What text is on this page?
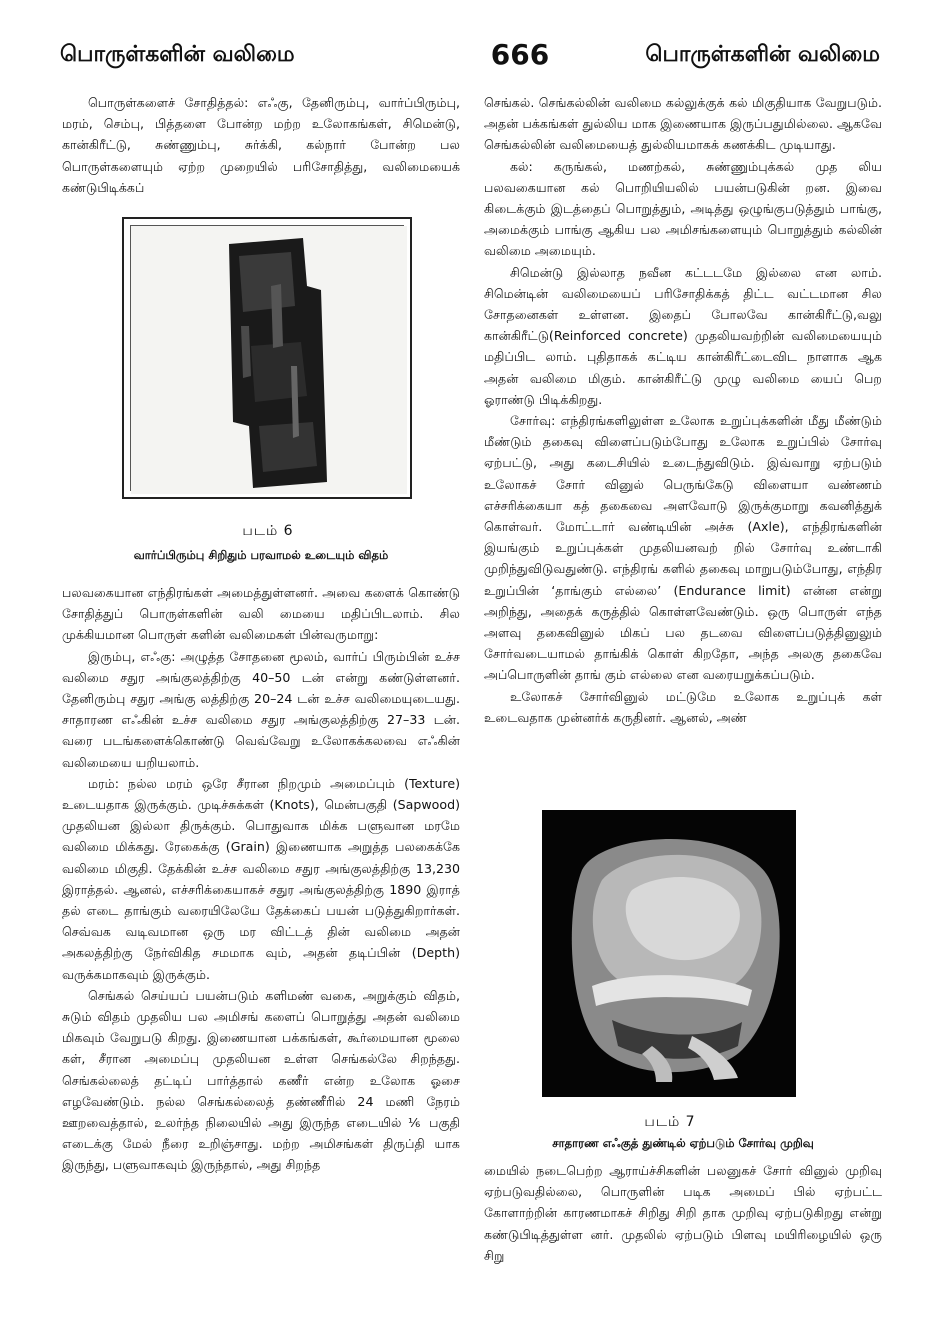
பொருள்களின் வலிமை	666	பொருள்களின் வலிமை

பொருள்களைச் சோதித்தல்: எஃகு, தேனிரும்பு, வார்ப்பிரும்பு, மரம், செம்பு, பித்தளை போன்ற மற்ற உலோகங்கள், சிமென்டு, கான்கிரீட்டு, சுண்ணும்பு, சுர்க்கி, கல்நார் போன்ற பல பொருள்களையும் ஏற்ற முறையில் பரிசோதித்து, வலிமையைக் கண்டுபிடிக்கப்

படம் 6
வார்ப்பிரும்பு சிறிதும் பரவாமல் உடையும் விதம்

பலவகையான எந்திரங்கள் அமைத்துள்ளனர். அவை களைக் கொண்டு சோதித்துப் பொருள்களின் வலி மையை மதிப்பிடலாம். சில முக்கியமான பொருள் களின் வலிமைகள் பின்வருமாறு:

இரும்பு, எஃகு: அழுத்த சோதனை மூலம், வார்ப் பிரும்பின் உச்ச வலிமை சதுர அங்குலத்திற்கு 40–50 டன் என்று கண்டுள்ளனர். தேனிரும்பு சதுர அங்கு லத்திற்கு 20–24 டன் உச்ச வலிமையுடையது. சாதாரண எஃகின் உச்ச வலிமை சதுர அங்குலத்திற்கு 27–33 டன். வரை படங்களைக்கொண்டு வெவ்வேறு உலோகக்கலவை எஃகின் வலிமையை யறியலாம்.

மரம்: நல்ல மரம் ஒரே சீரான நிறமும் அமைப்பும் (Texture) உடையதாக இருக்கும். முடிச்சுக்கள் (Knots), மென்பகுதி (Sapwood) முதலியன இல்லா திருக்கும். பொதுவாக மிக்க பளுவான மரமே வலிமை மிக்கது. ரேகைக்கு (Grain) இணையாக அறுத்த பலகைக்கே வலிமை மிகுதி. தேக்கின் உச்ச வலிமை சதுர அங்குலத்திற்கு 13,230 இராத்தல். ஆனல், எச்சரிக்கையாகச் சதுர அங்குலத்திற்கு 1890 இராத் தல் எடை தாங்கும் வரையிலேயே தேக்கைப் பயன் படுத்துகிறார்கள். செவ்வக வடிவமான ஒரு மர விட்டத் தின் வலிமை அதன் அகலத்திற்கு நேர்விகித சமமாக வும், அதன் தடிப்பின் (Depth) வருக்கமாகவும் இருக்கும்.

செங்கல் செய்யப் பயன்படும் களிமண் வகை, அறுக்கும் விதம், சுடும் விதம் முதலிய பல அமிசங் களைப் பொறுத்து அதன் வலிமை மிகவும் வேறுபடு கிறது. இணையான பக்கங்கள், கூர்மையான மூலை கள், சீரான அமைப்பு முதலியன உள்ள செங்கல்லே சிறந்தது. செங்கல்லைத் தட்டிப் பார்த்தால் கணீர் என்ற உலோக ஓசை எழவேண்டும். நல்ல செங்கல்லைத் தண்ணீரில் 24 மணி நேரம் ஊறவைத்தால், உலர்ந்த நிலையில் அது இருந்த எடையில் ⅙ பகுதி எடைக்கு மேல் நீரை உறிஞ்சாது. மற்ற அமிசங்கள் திருப்தி யாக இருந்து, பளுவாகவும் இருந்தால், அது சிறந்த

செங்கல். செங்கல்லின் வலிமை கல்லுக்குக் கல் மிகுதியாக வேறுபடும். அதன் பக்கங்கள் துல்லிய மாக இணையாக இருப்பதுமில்லை. ஆகவே செங்கல்லின் வலிமையைத் துல்லியமாகக் கணக்கிட முடியாது.

கல்: கருங்கல், மணற்கல், சுண்ணும்புக்கல் முத லிய பலவகையான கல் பொறியியலில் பயன்படுகின் றன. இவை கிடைக்கும் இடத்தைப் பொறுத்தும், அடித்து ஒழுங்குபடுத்தும் பாங்கு, அமைக்கும் பாங்கு ஆகிய பல அமிசங்களையும் பொறுத்தும் கல்லின் வலிமை அமையும்.

சிமென்டு இல்லாத நவீன கட்டடமே இல்லை என லாம். சிமென்டின் வலிமையைப் பரிசோதிக்கத் திட்ட வட்டமான சில சோதனைகள் உள்ளன. இதைப் போலவே கான்கிரீட்டு,வலு கான்கிரீட்டு(Reinforced concrete) முதலியவற்றின் வலிமையையும் மதிப்பிட லாம். புதிதாகக் கட்டிய கான்கிரீட்டைவிட நாளாக ஆக அதன் வலிமை மிகும். கான்கிரீட்டு முழு வலிமை யைப் பெற ஓராண்டு பிடிக்கிறது.

சோர்வு: எந்திரங்களிலுள்ள உலோக உறுப்புக்களின் மீது மீண்டும் மீண்டும் தகைவு விளைப்படும்போது உலோக உறுப்பில் சோர்வு ஏற்பட்டு, அது கடைசியில் உடைந்துவிடும். இவ்வாறு ஏற்படும் உலோகச் சோர் வினுல் பெருங்கேடு விளையா வண்ணம் எச்சரிக்கையா கத் தகைவை அளவோடு இருக்குமாறு கவனித்துக் கொள்வர். மோட்டார் வண்டியின் அச்சு (Axle), எந்திரங்களின் இயங்கும் உறுப்புக்கள் முதலியனவற் றில் சோர்வு உண்டாகி முறிந்துவிடுவதுண்டு. எந்திரங் களில் தகைவு மாறுபடும்போது, எந்திர உறுப்பின் ‘தாங்கும் எல்லை’ (Endurance limit) என்ன என்று அறிந்து, அதைக் கருத்தில் கொள்ளவேண்டும். ஒரு பொருள் எந்த அளவு தகைவினுல் மிகப் பல தடவை விளைப்படுத்தினுலும் சோர்வடையாமல் தாங்கிக் கொள் கிறதோ, அந்த அலகு தகைவே அப்பொருளின் தாங் கும் எல்லை என வரையறுக்கப்படும்.

உலோகச் சோர்வினுல் மட்டுமே உலோக உறுப்புக் கள் உடைவதாக முன்னர்க் கருதினர். ஆனல், அண்

படம் 7
சாதாரண எஃகுத் துண்டில் ஏற்படும் சோர்வு முறிவு

மையில் நடைபெற்ற ஆராய்ச்சிகளின் பலனுகச் சோர் வினுல் முறிவு ஏற்படுவதில்லை, பொருளின் படிக அமைப் பில் ஏற்பட்ட கோளாற்றின் காரணமாகச் சிறிது சிறி தாக முறிவு ஏற்படுகிறது என்று கண்டுபிடித்துள்ள னர். முதலில் ஏற்படும் பிளவு மயிரிழையில் ஒரு சிறு
